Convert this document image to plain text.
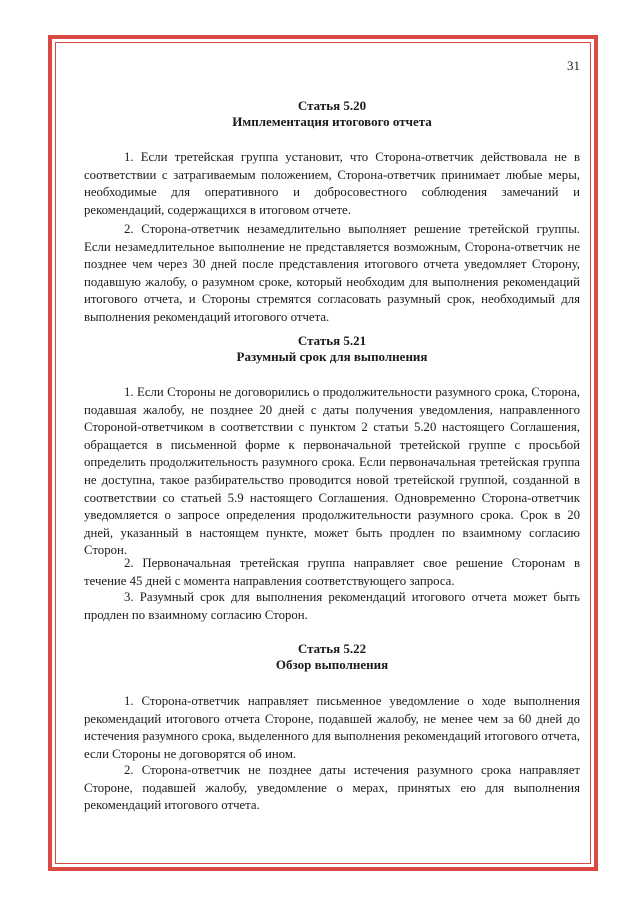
31
Статья 5.20
Имплементация итогового отчета

1. Если третейская группа установит, что Сторона-ответчик действовала не в соответствии с затрагиваемым положением, Сторона-ответчик принимает любые меры, необходимые для оперативного и добросовестного соблюдения замечаний и рекомендаций, содержащихся в итоговом отчете.

2. Сторона-ответчик незамедлительно выполняет решение третейской группы. Если незамедлительное выполнение не представляется возможным, Сторона-ответчик не позднее чем через 30 дней после представления итогового отчета уведомляет Сторону, подавшую жалобу, о разумном сроке, который необходим для выполнения рекомендаций итогового отчета, и Стороны стремятся согласовать разумный срок, необходимый для выполнения рекомендаций итогового отчета.

Статья 5.21
Разумный срок для выполнения

1. Если Стороны не договорились о продолжительности разумного срока, Сторона, подавшая жалобу, не позднее 20 дней с даты получения уведомления, направленного Стороной-ответчиком в соответствии с пунктом 2 статьи 5.20 настоящего Соглашения, обращается в письменной форме к первоначальной третейской группе с просьбой определить продолжительность разумного срока. Если первоначальная третейская группа не доступна, такое разбирательство проводится новой третейской группой, созданной в соответствии со статьей 5.9 настоящего Соглашения. Одновременно Сторона-ответчик уведомляется о запросе определения продолжительности разумного срока. Срок в 20 дней, указанный в настоящем пункте, может быть продлен по взаимному согласию Сторон.

2. Первоначальная третейская группа направляет свое решение Сторонам в течение 45 дней с момента направления соответствующего запроса.

3. Разумный срок для выполнения рекомендаций итогового отчета может быть продлен по взаимному согласию Сторон.

Статья 5.22
Обзор выполнения

1. Сторона-ответчик направляет письменное уведомление о ходе выполнения рекомендаций итогового отчета Стороне, подавшей жалобу, не менее чем за 60 дней до истечения разумного срока, выделенного для выполнения рекомендаций итогового отчета, если Стороны не договорятся об ином.

2. Сторона-ответчик не позднее даты истечения разумного срока направляет Стороне, подавшей жалобу, уведомление о мерах, принятых ею для выполнения рекомендаций итогового отчета.
